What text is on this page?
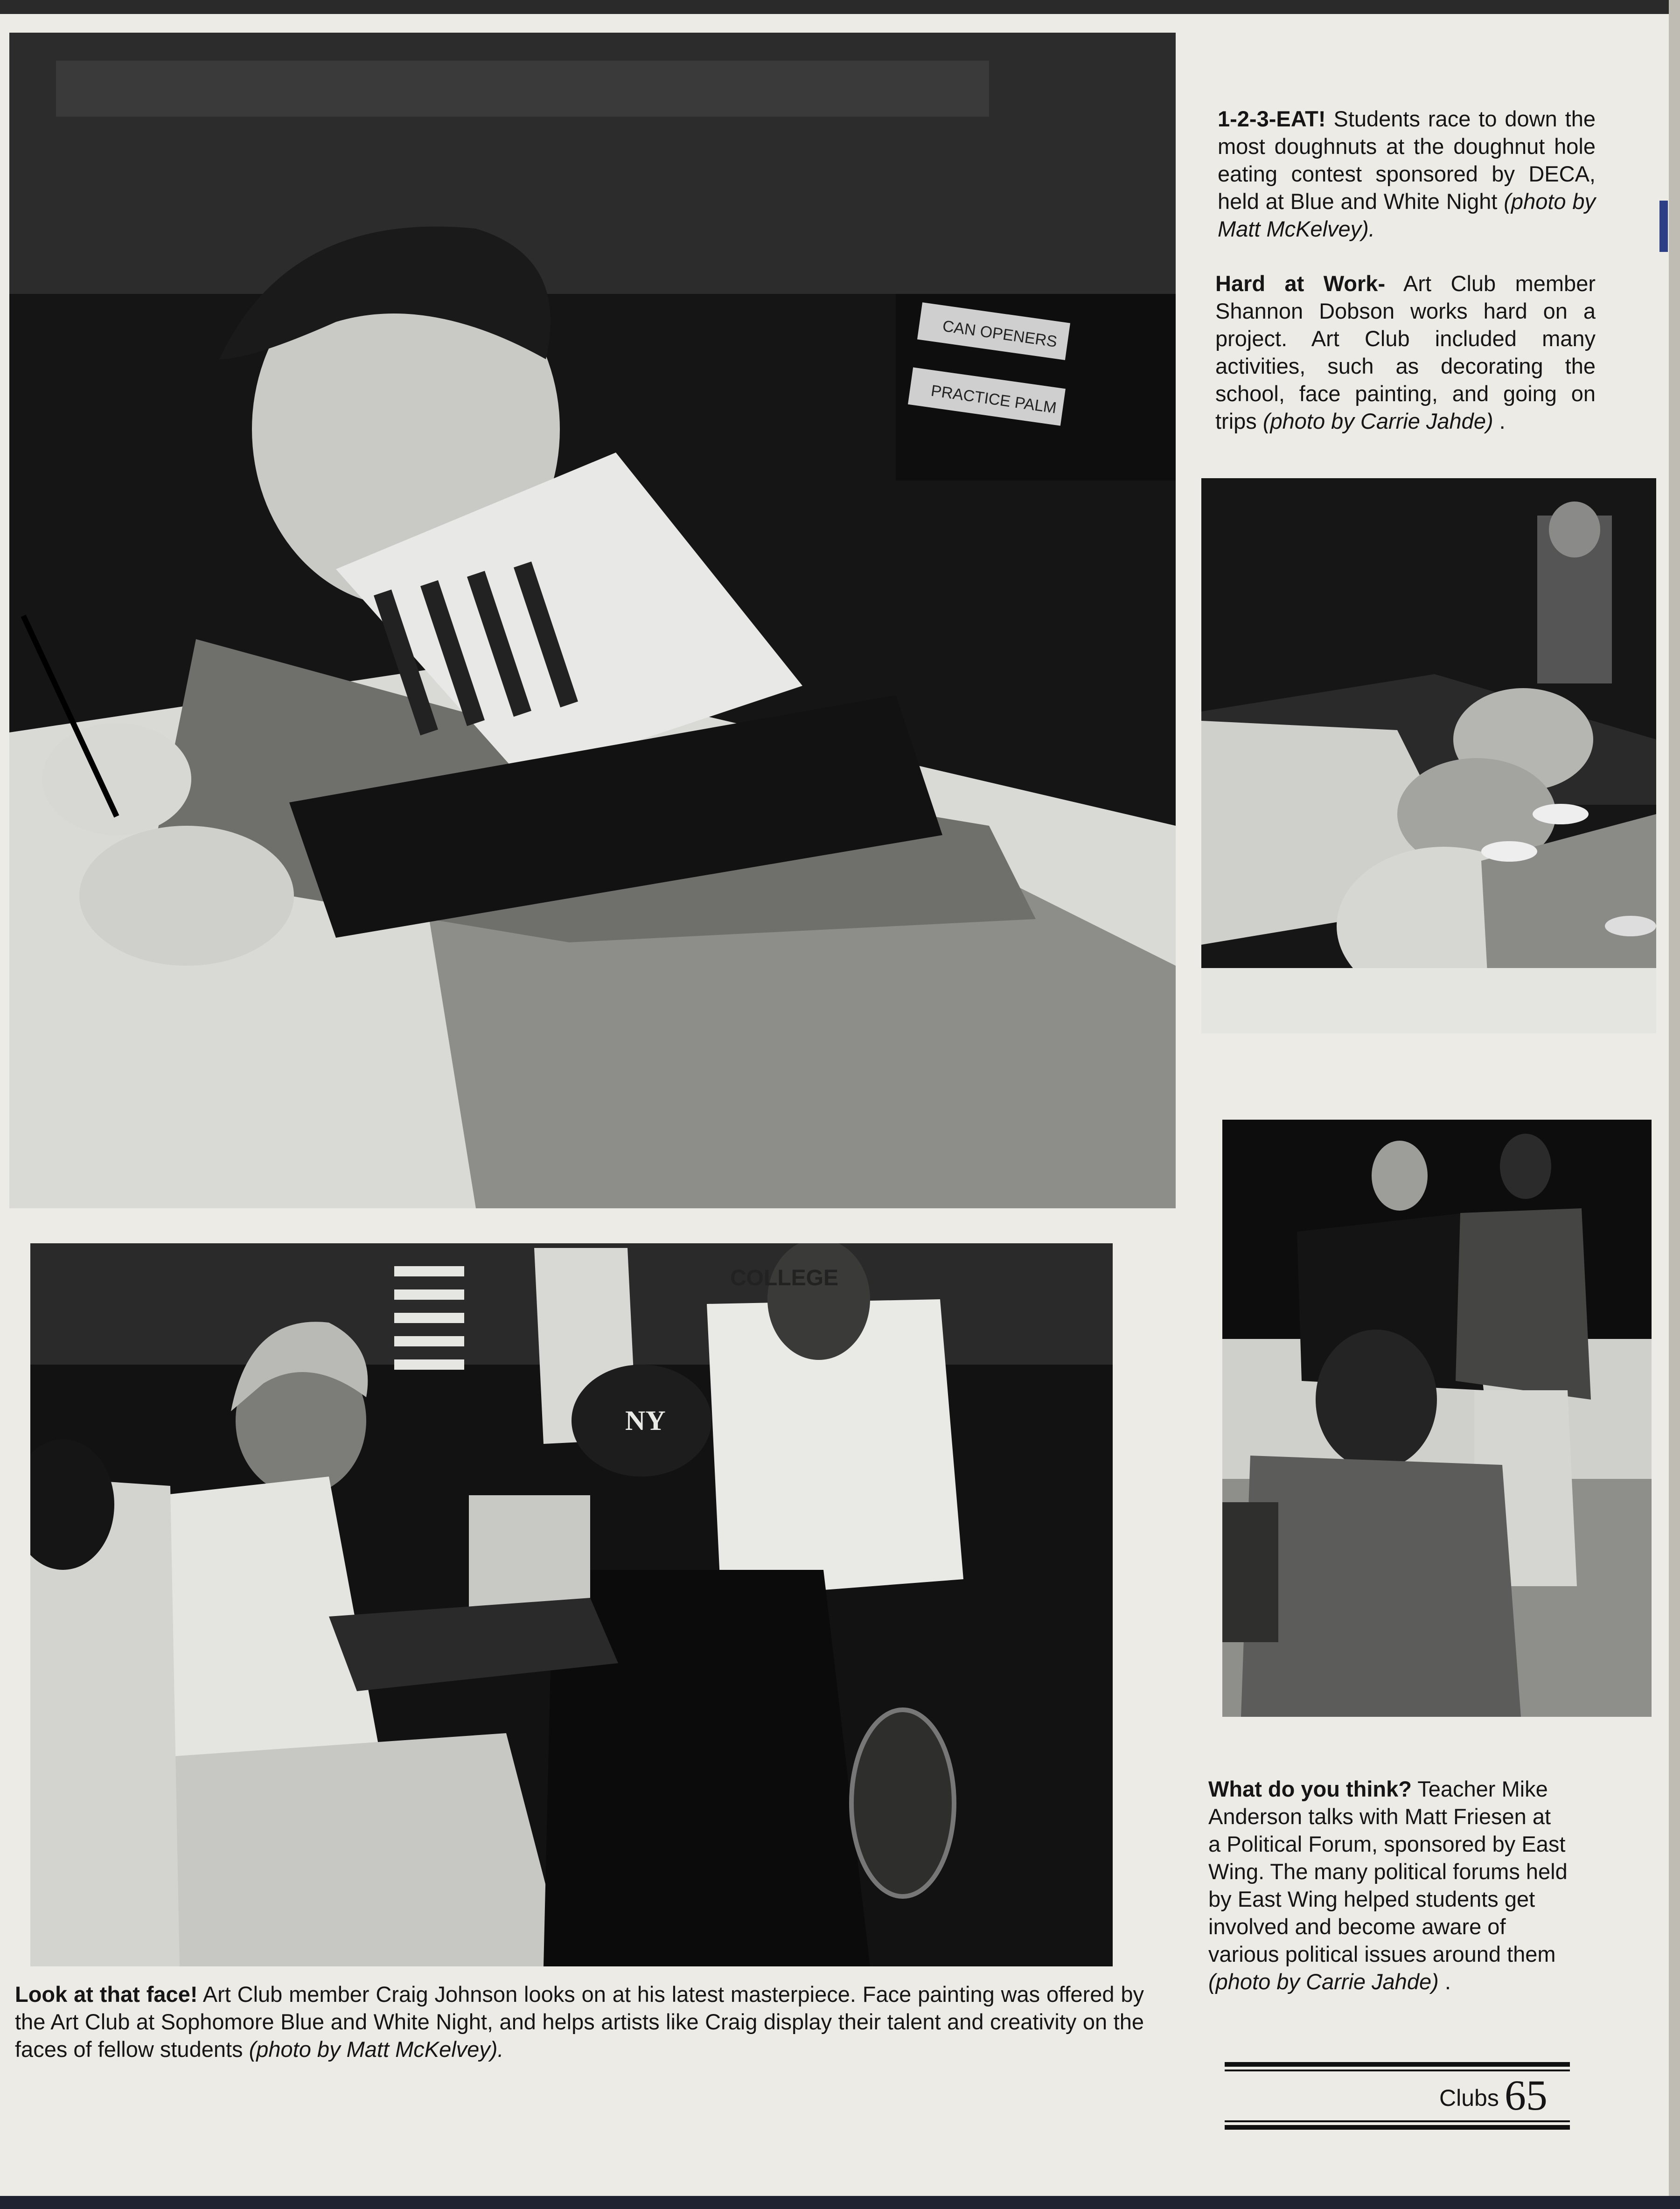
CAN OPENERS
PRACTICE PALM
1-2-3-EAT! Students race to down the most doughnuts at the doughnut hole eating contest sponsored by DECA, held at Blue and White Night (photo by Matt McKelvey).
Hard at Work- Art Club member Shannon Dobson works hard on a project. Art Club included many activities, such as decorating the school, face painting, and going on trips (photo by Carrie Jahde) .
What do you think? Teacher Mike Anderson talks with Matt Friesen at a Political Forum, sponsored by East Wing. The many political forums held by East Wing helped students get involved and become aware of various political issues around them (photo by Carrie Jahde) .
COLLEGE
NY
Look at that face! Art Club member Craig Johnson looks on at his latest masterpiece. Face painting was offered by the Art Club at Sophomore Blue and White Night, and helps artists like Craig display their talent and creativity on the faces of fellow students (photo by Matt McKelvey).
Clubs 65
